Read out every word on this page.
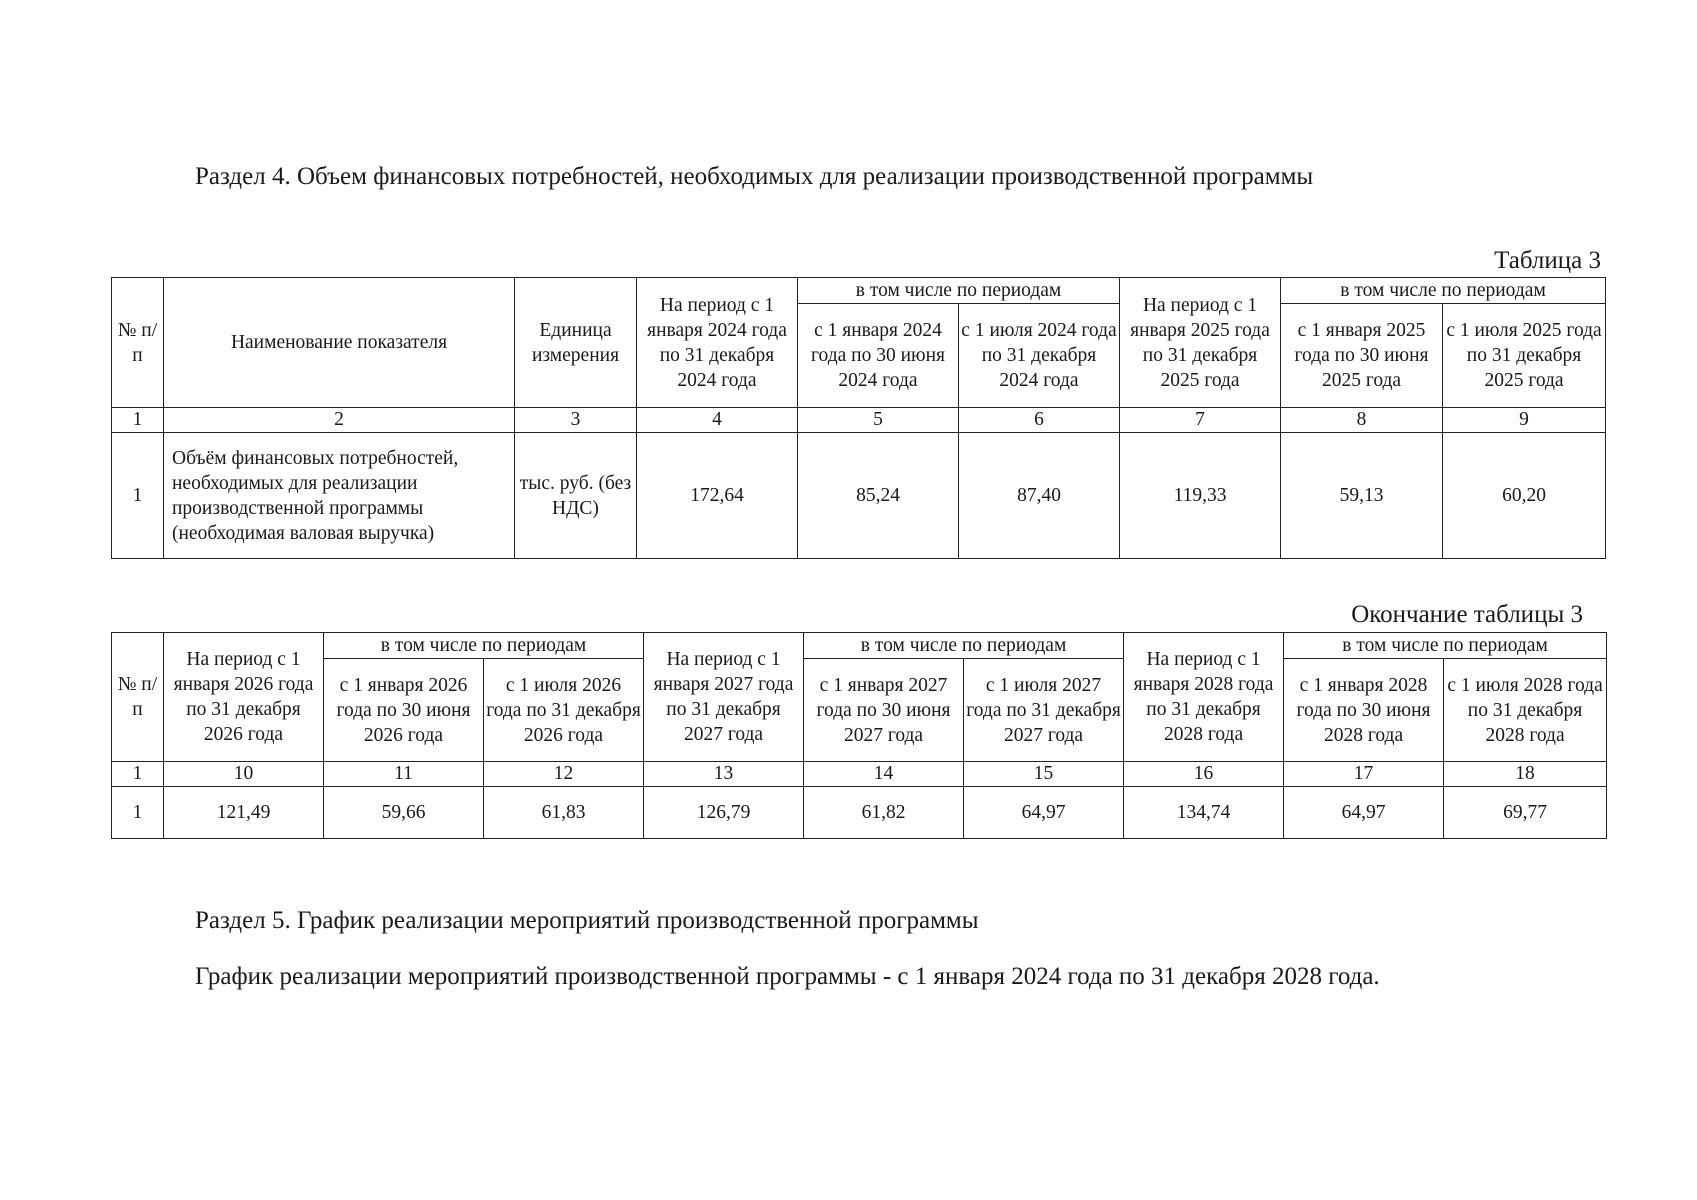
Раздел 4. Объем финансовых потребностей, необходимых для реализации производственной программы
Таблица 3
№ п/п	Наименование показателя	Единица измерения	На период с 1 января 2024 года по 31 декабря 2024 года	в том числе по периодам		На период с 1 января 2025 года по 31 декабря 2025 года	в том числе по периодам	
				с 1 января 2024 года по 30 июня 2024 года	с 1 июля 2024 года по 31 декабря 2024 года		с 1 января 2025 года по 30 июня 2025 года	с 1 июля 2025 года по 31 декабря 2025 года
1	2	3	4	5	6	7	8	9
1	Объём финансовых потребностей, необходимых для реализации производственной программы (необходимая валовая выручка)	тыс. руб. (без НДС)	172,64	85,24	87,40	119,33	59,13	60,20
Окончание таблицы 3
№ п/п	На период с 1 января 2026 года по 31 декабря 2026 года	в том числе по периодам		На период с 1 января 2027 года по 31 декабря 2027 года	в том числе по периодам		На период с 1 января 2028 года по 31 декабря 2028 года	в том числе по периодам	
		с 1 января 2026 года по 30 июня 2026 года	с 1 июля 2026 года по 31 декабря 2026 года		с 1 января 2027 года по 30 июня 2027 года	с 1 июля 2027 года по 31 декабря 2027 года		с 1 января 2028 года по 30 июня 2028 года	с 1 июля 2028 года по 31 декабря 2028 года
1	10	11	12	13	14	15	16	17	18
1	121,49	59,66	61,83	126,79	61,82	64,97	134,74	64,97	69,77
Раздел 5. График реализации мероприятий производственной программы
График реализации мероприятий производственной программы - с 1 января 2024 года по 31 декабря 2028 года.
